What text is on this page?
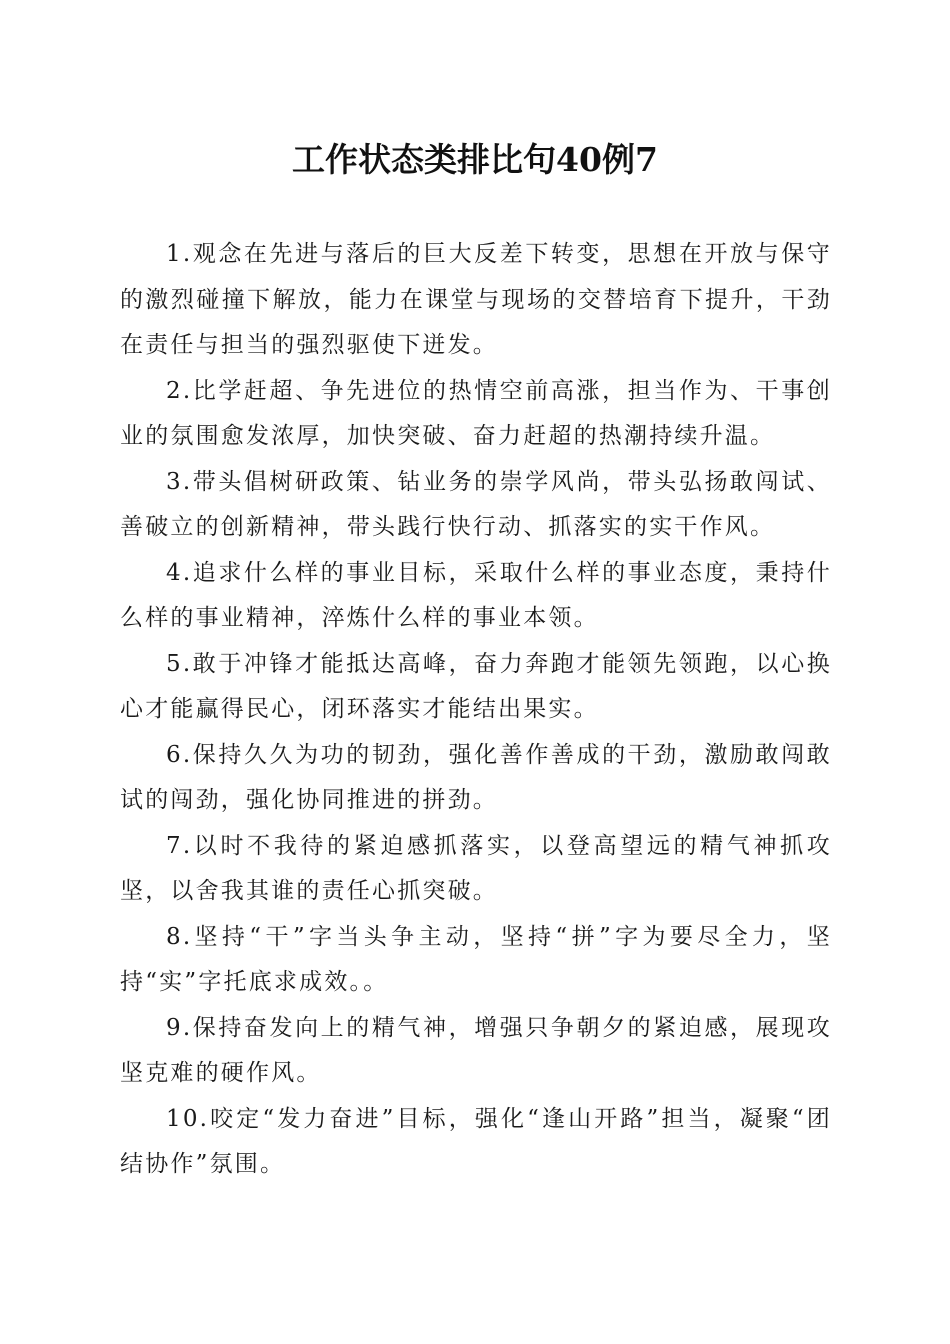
工作状态类排比句40例7

1.观念在先进与落后的巨大反差下转变，思想在开放与保守的激烈碰撞下解放，能力在课堂与现场的交替培育下提升，干劲在责任与担当的强烈驱使下迸发。

2.比学赶超、争先进位的热情空前高涨，担当作为、干事创业的氛围愈发浓厚，加快突破、奋力赶超的热潮持续升温。

3.带头倡树研政策、钻业务的崇学风尚，带头弘扬敢闯试、善破立的创新精神，带头践行快行动、抓落实的实干作风。

4.追求什么样的事业目标，采取什么样的事业态度，秉持什么样的事业精神，淬炼什么样的事业本领。

5.敢于冲锋才能抵达高峰，奋力奔跑才能领先领跑，以心换心才能赢得民心，闭环落实才能结出果实。

6.保持久久为功的韧劲，强化善作善成的干劲，激励敢闯敢试的闯劲，强化协同推进的拼劲。

7.以时不我待的紧迫感抓落实，以登高望远的精气神抓攻坚，以舍我其谁的责任心抓突破。

8.坚持“干”字当头争主动，坚持“拼”字为要尽全力，坚持“实”字托底求成效。。

9.保持奋发向上的精气神，增强只争朝夕的紧迫感，展现攻坚克难的硬作风。

10.咬定“发力奋进”目标，强化“逢山开路”担当，凝聚“团结协作”氛围。
